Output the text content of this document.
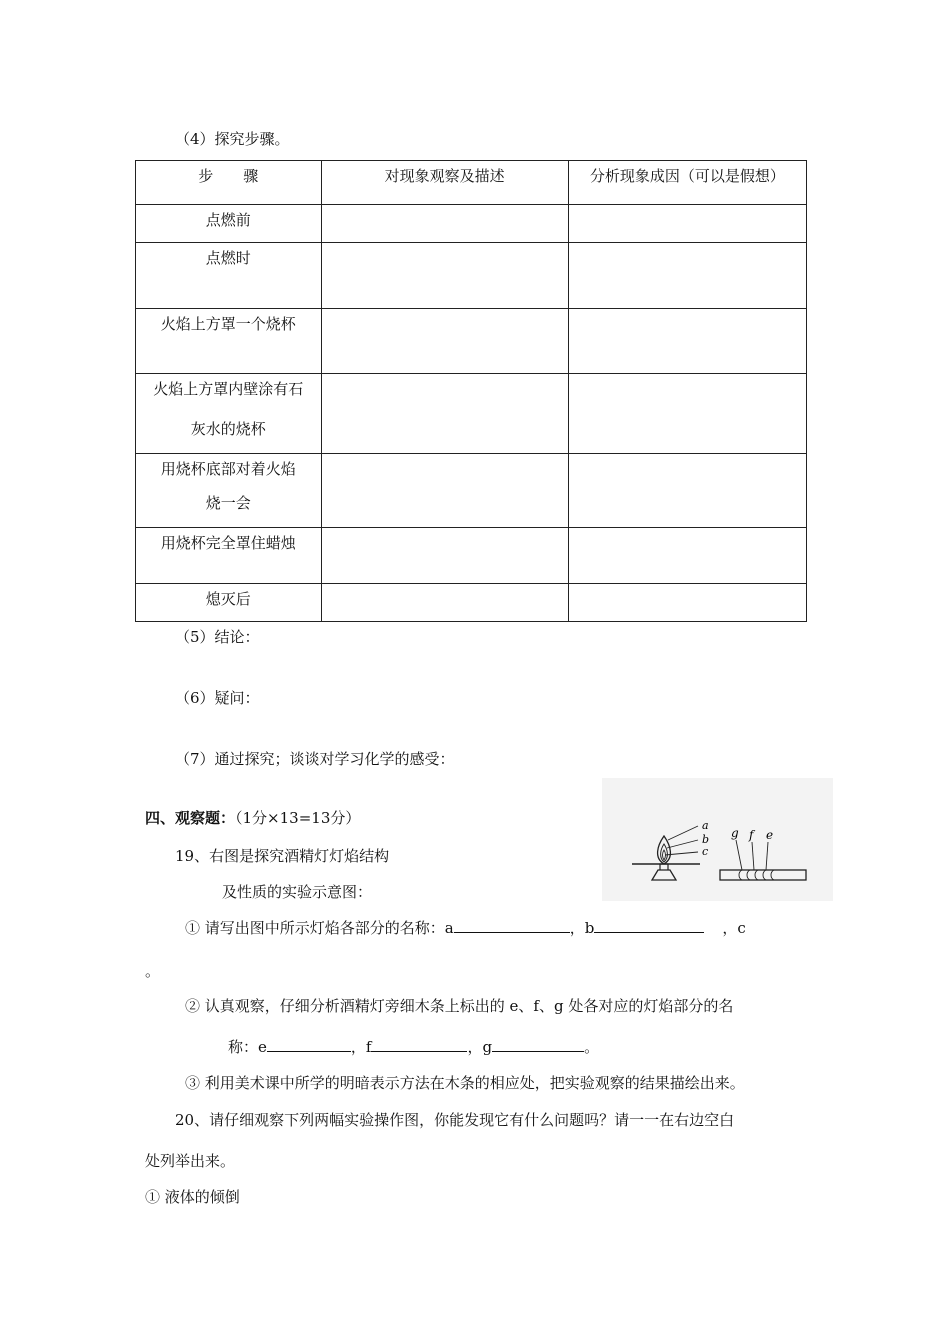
（4）探究步骤。
步　　骤	对现象观察及描述	分析现象成因（可以是假想）

点燃前		

点燃时		

火焰上方罩一个烧杯		

火焰上方罩内壁涂有石
灰水的烧杯		

用烧杯底部对着火焰
烧一会		

用烧杯完全罩住蜡烛		

熄灭后		

（5）结论：
（6）疑问：
（7）通过探究；谈谈对学习化学的感受：
四、观察题：（1分×13=13分）	a
b
c
g f e
19、右图是探究酒精灯灯焰结构
及性质的实验示意图：
① 请写出图中所示灯焰各部分的名称：a	，b	，c
。
② 认真观察，仔细分析酒精灯旁细木条上标出的 e、f、g 处各对应的灯焰部分的名
称：e	，f	，g	。
③ 利用美术课中所学的明暗表示方法在木条的相应处，把实验观察的结果描绘出来。
20、请仔细观察下列两幅实验操作图，你能发现它有什么问题吗？请一一在右边空白
处列举出来。
① 液体的倾倒
